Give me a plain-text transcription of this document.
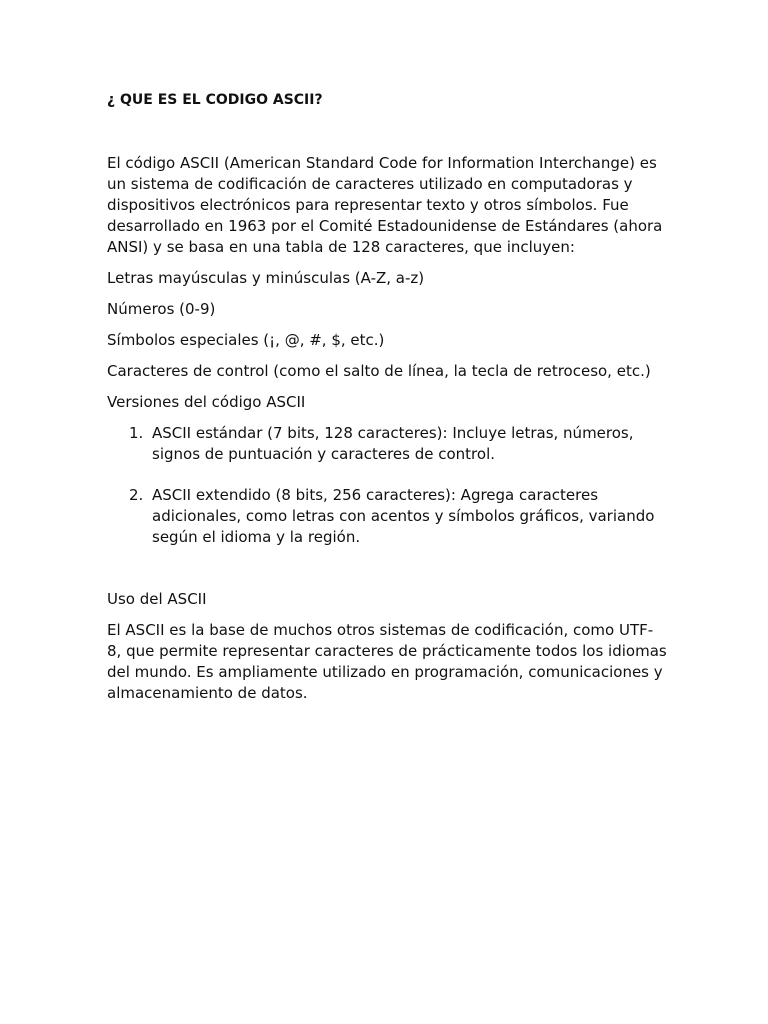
¿ QUE ES EL CODIGO ASCII?

El código ASCII (American Standard Code for Information Interchange) es un sistema de codificación de caracteres utilizado en computadoras y dispositivos electrónicos para representar texto y otros símbolos. Fue desarrollado en 1963 por el Comité Estadounidense de Estándares (ahora ANSI) y se basa en una tabla de 128 caracteres, que incluyen:

Letras mayúsculas y minúsculas (A-Z, a-z)

Números (0-9)

Símbolos especiales (¡, @, #, $, etc.)

Caracteres de control (como el salto de línea, la tecla de retroceso, etc.)

Versiones del código ASCII

1. ASCII estándar (7 bits, 128 caracteres): Incluye letras, números, signos de puntuación y caracteres de control.
2. ASCII extendido (8 bits, 256 caracteres): Agrega caracteres adicionales, como letras con acentos y símbolos gráficos, variando según el idioma y la región.

Uso del ASCII

El ASCII es la base de muchos otros sistemas de codificación, como UTF-8, que permite representar caracteres de prácticamente todos los idiomas del mundo. Es ampliamente utilizado en programación, comunicaciones y almacenamiento de datos.
